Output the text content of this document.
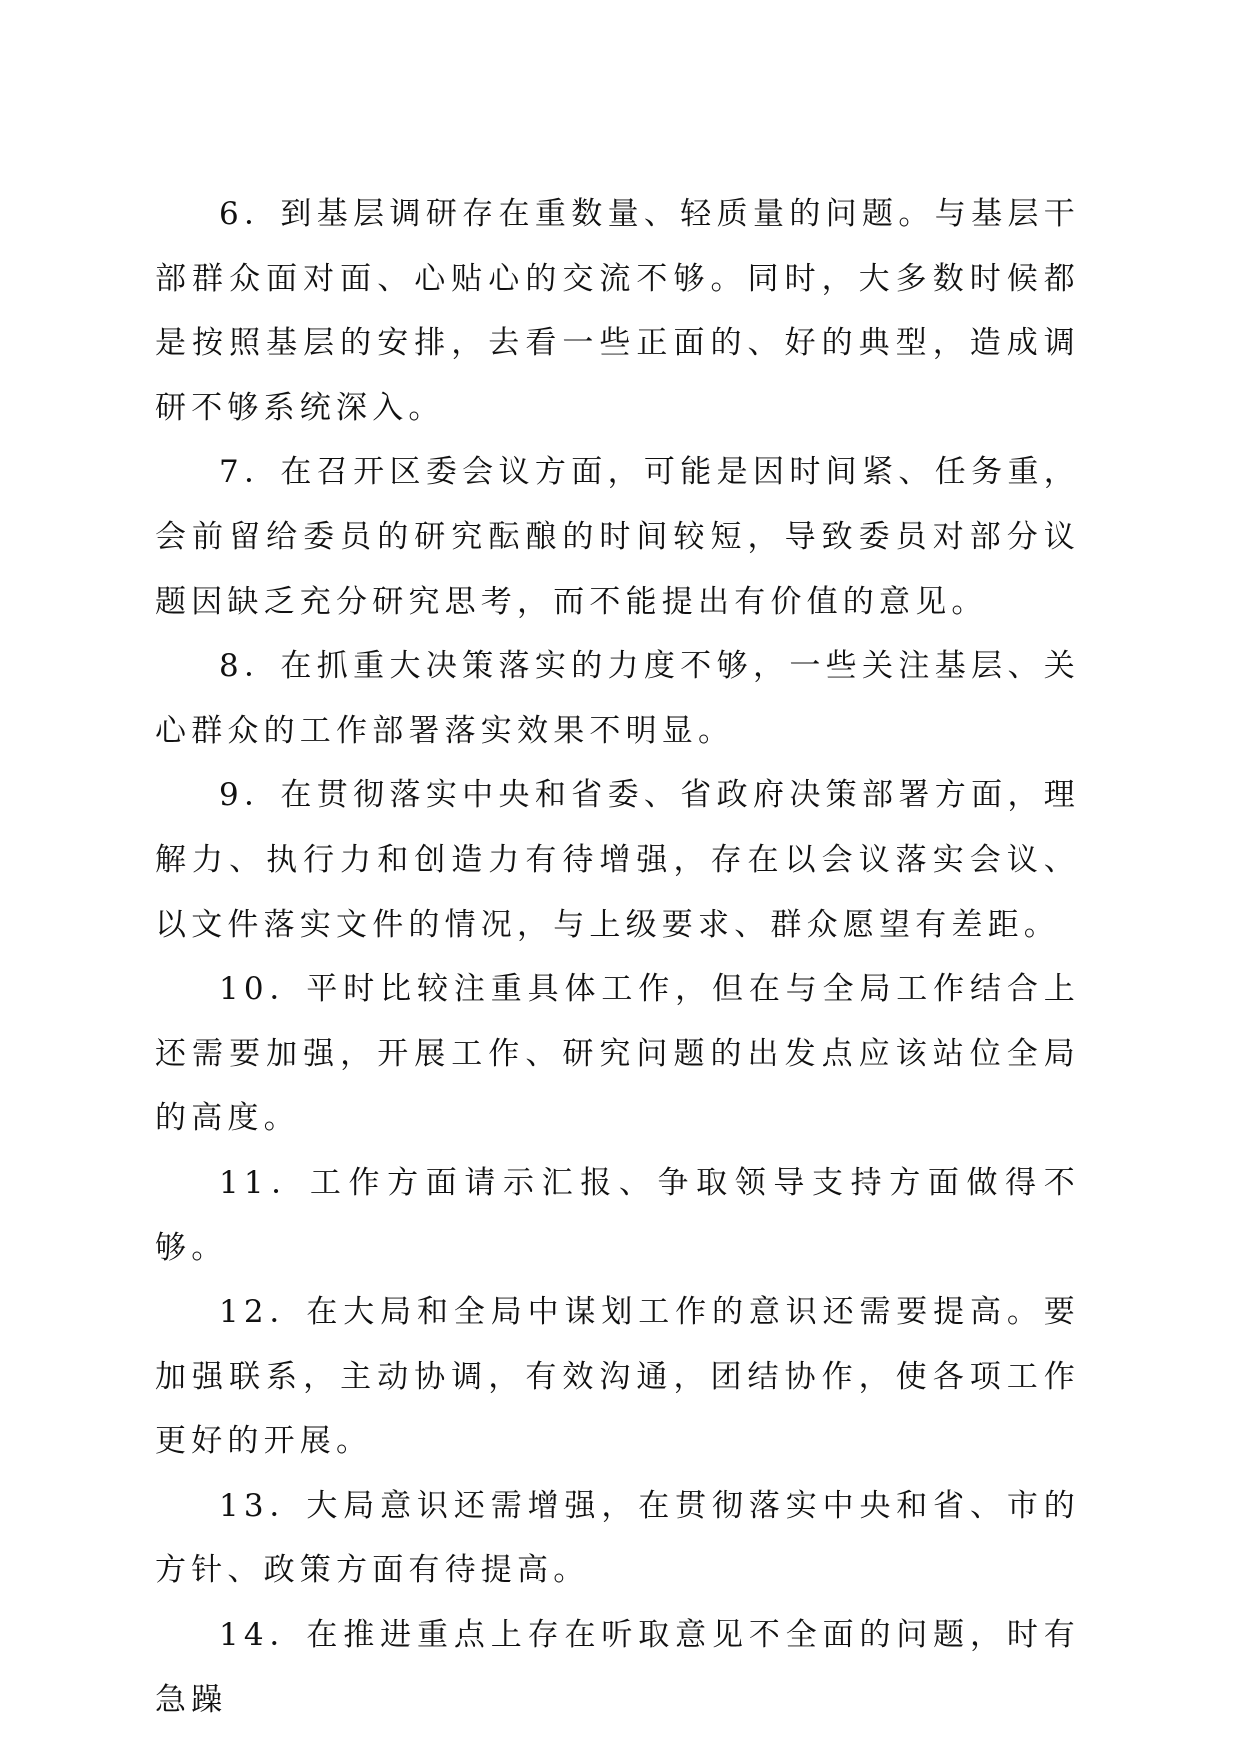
6．到基层调研存在重数量、轻质量的问题。与基层干部群众面对面、心贴心的交流不够。同时，大多数时候都是按照基层的安排，去看一些正面的、好的典型，造成调研不够系统深入。

7．在召开区委会议方面，可能是因时间紧、任务重，会前留给委员的研究酝酿的时间较短，导致委员对部分议题因缺乏充分研究思考，而不能提出有价值的意见。

8．在抓重大决策落实的力度不够，一些关注基层、关心群众的工作部署落实效果不明显。

9．在贯彻落实中央和省委、省政府决策部署方面，理解力、执行力和创造力有待增强，存在以会议落实会议、以文件落实文件的情况，与上级要求、群众愿望有差距。

10．平时比较注重具体工作，但在与全局工作结合上还需要加强，开展工作、研究问题的出发点应该站位全局的高度。

11．工作方面请示汇报、争取领导支持方面做得不够。

12．在大局和全局中谋划工作的意识还需要提高。要加强联系，主动协调，有效沟通，团结协作，使各项工作更好的开展。

13．大局意识还需增强，在贯彻落实中央和省、市的方针、政策方面有待提高。

14．在推进重点上存在听取意见不全面的问题，时有急躁
